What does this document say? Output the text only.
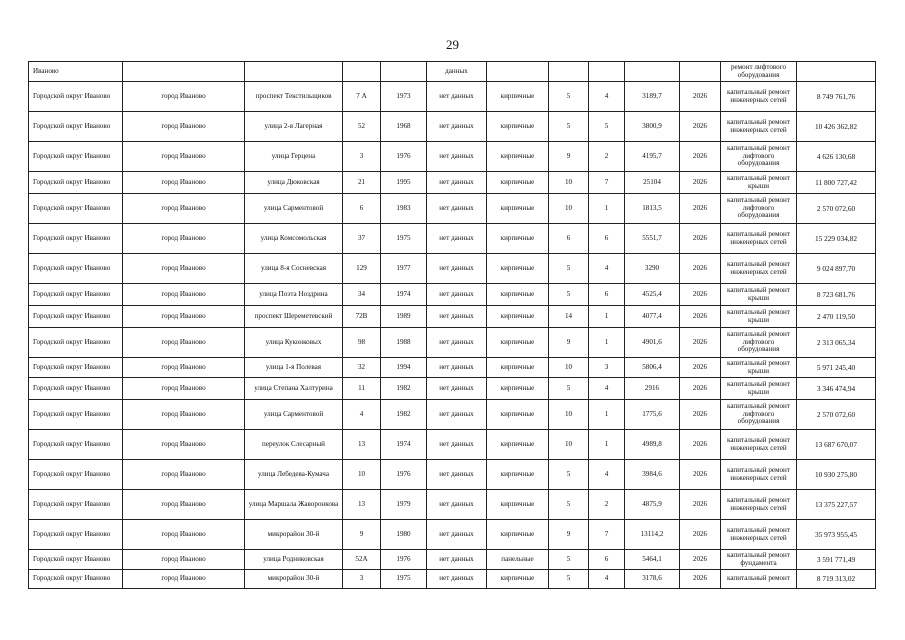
29
Иваново					данных						ремонт лифтового оборудования	
Городской округ Иваново	город Иваново	проспект Текстильщиков	7 А	1973	нет данных	кирпичные	5	4	3189,7	2026	капитальный ремонт инженерных сетей	8 749 761,76
Городской округ Иваново	город Иваново	улица 2-я Лагерная	52	1968	нет данных	кирпичные	5	5	3800,9	2026	капитальный ремонт инженерных сетей	10 426 362,82
Городской округ Иваново	город Иваново	улица Герцена	3	1976	нет данных	кирпичные	9	2	4195,7	2026	капитальный ремонт лифтового оборудования	4 626 130,68
Городской округ Иваново	город Иваново	улица Дюковская	21	1995	нет данных	кирпичные	10	7	25104	2026	капитальный ремонт крыши	11 800 727,42
Городской округ Иваново	город Иваново	улица Сарментовой	6	1983	нет данных	кирпичные	10	1	1813,5	2026	капитальный ремонт лифтового оборудования	2 570 072,60
Городской округ Иваново	город Иваново	улица Комсомольская	37	1975	нет данных	кирпичные	6	6	5551,7	2026	капитальный ремонт инженерных сетей	15 229 034,82
Городской округ Иваново	город Иваново	улица 8-я Сосневская	129	1977	нет данных	кирпичные	5	4	3290	2026	капитальный ремонт инженерных сетей	9 024 897,70
Городской округ Иваново	город Иваново	улица Поэта Ноздрина	34	1974	нет данных	кирпичные	5	6	4525,4	2026	капитальный ремонт крыши	8 723 681,76
Городской округ Иваново	город Иваново	проспект Шереметевский	72В	1989	нет данных	кирпичные	14	1	4077,4	2026	капитальный ремонт крыши	2 470 119,50
Городской округ Иваново	город Иваново	улица Куконковых	98	1988	нет данных	кирпичные	9	1	4901,6	2026	капитальный ремонт лифтового оборудования	2 313 065,34
Городской округ Иваново	город Иваново	улица 1-я Полевая	32	1994	нет данных	кирпичные	10	3	5806,4	2026	капитальный ремонт крыши	5 971 245,40
Городской округ Иваново	город Иваново	улица Степана Халтурина	11	1982	нет данных	кирпичные	5	4	2916	2026	капитальный ремонт крыши	3 346 474,94
Городской округ Иваново	город Иваново	улица Сарментовой	4	1982	нет данных	кирпичные	10	1	1775,6	2026	капитальный ремонт лифтового оборудования	2 570 072,60
Городской округ Иваново	город Иваново	переулок Слесарный	13	1974	нет данных	кирпичные	10	1	4989,8	2026	капитальный ремонт инженерных сетей	13 687 670,07
Городской округ Иваново	город Иваново	улица Лебедева-Кумача	10	1976	нет данных	кирпичные	5	4	3984,6	2026	капитальный ремонт инженерных сетей	10 930 275,80
Городской округ Иваново	город Иваново	улица Маршала Жаворонкова	13	1979	нет данных	кирпичные	5	2	4875,9	2026	капитальный ремонт инженерных сетей	13 375 227,57
Городской округ Иваново	город Иваново	микрорайон 30-й	9	1980	нет данных	кирпичные	9	7	13114,2	2026	капитальный ремонт инженерных сетей	35 973 955,45
Городской округ Иваново	город Иваново	улица Родниковская	52А	1976	нет данных	панельные	5	6	5464,1	2026	капитальный ремонт фундамента	3 591 771,49
Городской округ Иваново	город Иваново	микрорайон 30-й	3	1975	нет данных	кирпичные	5	4	3178,6	2026	капитальный ремонт	8 719 313,02
